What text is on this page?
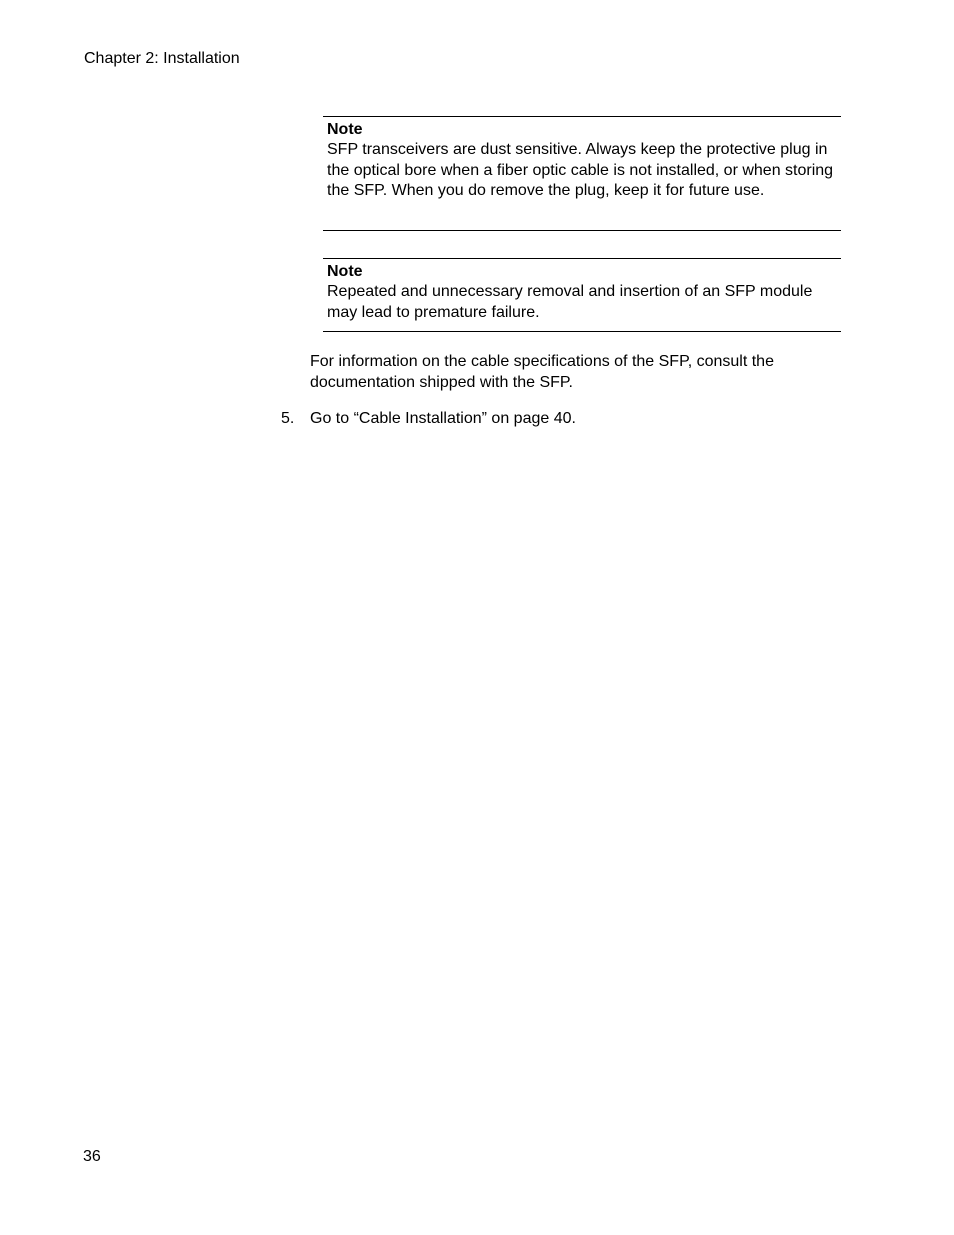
Chapter 2: Installation
Note
SFP transceivers are dust sensitive. Always keep the protective plug in the optical bore when a fiber optic cable is not installed, or when storing the SFP. When you do remove the plug, keep it for future use.
Note
Repeated and unnecessary removal and insertion of an SFP module may lead to premature failure.
For information on the cable specifications of the SFP, consult the documentation shipped with the SFP.
5. Go to “Cable Installation” on page 40.
36
